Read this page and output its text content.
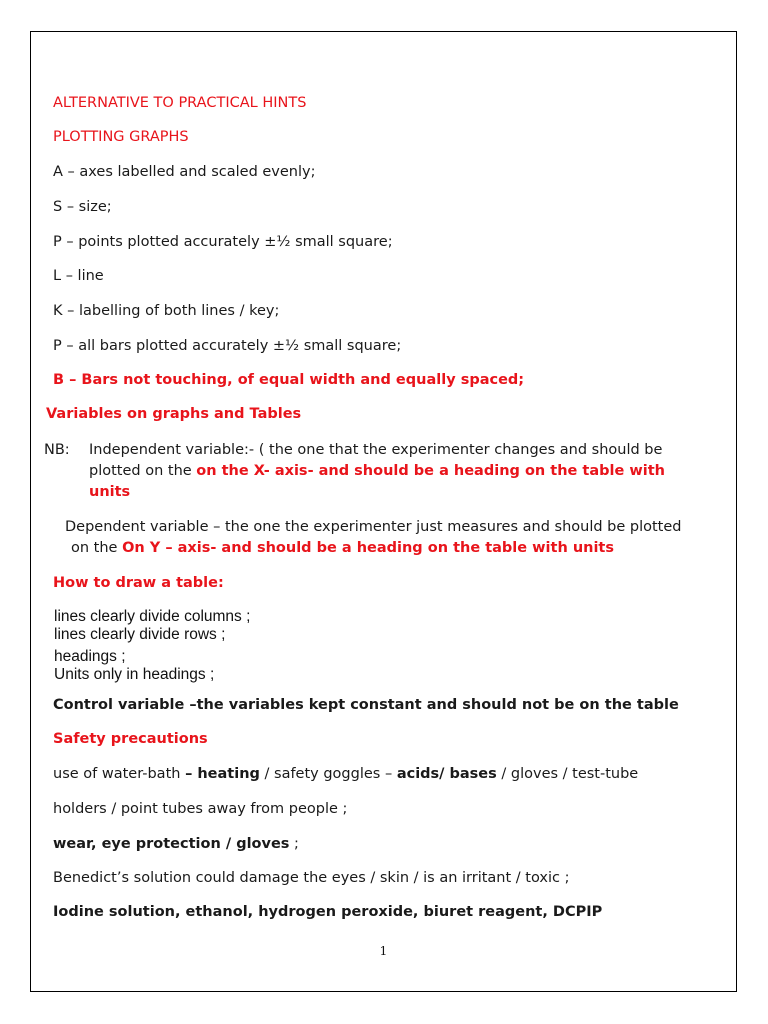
ALTERNATIVE TO PRACTICAL HINTS
PLOTTING GRAPHS
A – axes labelled and scaled evenly;
S – size;
P – points plotted accurately ±½ small square;
L – line
K – labelling of both lines / key;
P – all bars plotted accurately ±½ small square;
B – Bars not touching, of equal width and equally spaced;
Variables on graphs and Tables
NB: Independent variable:- ( the one that the experimenter changes and should be
plotted on the on the X- axis- and should be a heading on the table with
units
Dependent variable – the one the experimenter just measures and should be plotted
on the On Y – axis- and should be a heading on the table with units
How to draw a table:
lines clearly divide columns ;
lines clearly divide rows ;
headings ;
Units only in headings ;
Control variable –the variables kept constant and should not be on the table
Safety precautions
use of water-bath – heating / safety goggles – acids/ bases / gloves / test-tube
holders / point tubes away from people ;
wear, eye protection / gloves ;
Benedict’s solution could damage the eyes / skin / is an irritant / toxic ;
Iodine solution, ethanol, hydrogen peroxide, biuret reagent, DCPIP
1
